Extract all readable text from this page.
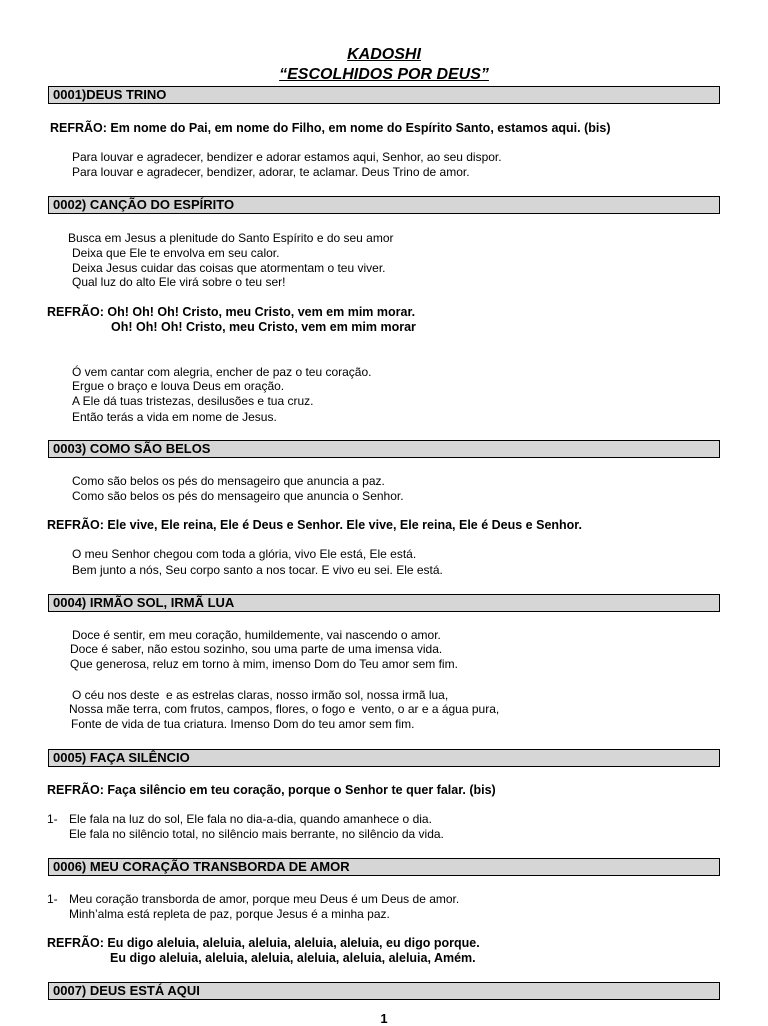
KADOSHI
“ESCOLHIDOS POR DEUS”
0001)DEUS TRINO
REFRÃO: Em nome do Pai, em nome do Filho, em nome do Espírito Santo, estamos aqui. (bis)
Para louvar e agradecer, bendizer e adorar estamos aqui, Senhor, ao seu dispor.
Para louvar e agradecer, bendizer, adorar, te aclamar. Deus Trino de amor.
0002) CANÇÃO DO ESPÍRITO
Busca em Jesus a plenitude do Santo Espírito e do seu amor
Deixa que Ele te envolva em seu calor.
Deixa Jesus cuidar das coisas que atormentam o teu viver.
Qual luz do alto Ele virá sobre o teu ser!
REFRÃO: Oh! Oh! Oh! Cristo, meu Cristo, vem em mim morar.
Oh! Oh! Oh! Cristo, meu Cristo, vem em mim morar
Ó vem cantar com alegria, encher de paz o teu coração.
Ergue o braço e louva Deus em oração.
A Ele dá tuas tristezas, desilusões e tua cruz.
Então terás a vida em nome de Jesus.
0003) COMO SÃO BELOS
Como são belos os pés do mensageiro que anuncia a paz.
Como são belos os pés do mensageiro que anuncia o Senhor.
REFRÃO: Ele vive, Ele reina, Ele é Deus e Senhor. Ele vive, Ele reina, Ele é Deus e Senhor.
O meu Senhor chegou com toda a glória, vivo Ele está, Ele está.
Bem junto a nós, Seu corpo santo a nos tocar. E vivo eu sei. Ele está.
0004) IRMÃO SOL, IRMÃ LUA
Doce é sentir, em meu coração, humildemente, vai nascendo o amor.
Doce é saber, não estou sozinho, sou uma parte de uma imensa vida.
Que generosa, reluz em torno à mim, imenso Dom do Teu amor sem fim.
O céu nos deste  e as estrelas claras, nosso irmão sol, nossa irmã lua,
Nossa mãe terra, com frutos, campos, flores, o fogo e  vento, o ar e a água pura,
Fonte de vida de tua criatura. Imenso Dom do teu amor sem fim.
0005) FAÇA SILÊNCIO
REFRÃO: Faça silêncio em teu coração, porque o Senhor te quer falar. (bis)
1- Ele fala na luz do sol, Ele fala no dia-a-dia, quando amanhece o dia.
Ele fala no silêncio total, no silêncio mais berrante, no silêncio da vida.
0006) MEU CORAÇÃO TRANSBORDA DE AMOR
1- Meu coração transborda de amor, porque meu Deus é um Deus de amor.
Minh’alma está repleta de paz, porque Jesus é a minha paz.
REFRÃO: Eu digo aleluia, aleluia, aleluia, aleluia, aleluia, eu digo porque.
Eu digo aleluia, aleluia, aleluia, aleluia, aleluia, aleluia, Amém.
0007) DEUS ESTÁ AQUI
1
